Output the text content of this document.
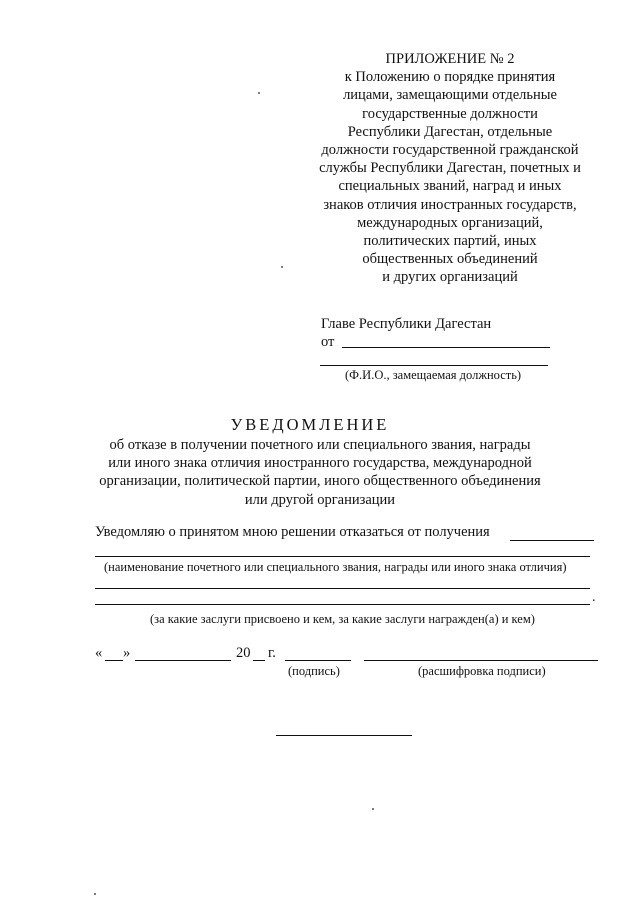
ПРИЛОЖЕНИЕ № 2
к Положению о порядке принятия
лицами, замещающими отдельные
государственные должности
Республики Дагестан, отдельные
должности государственной гражданской
службы Республики Дагестан, почетных и
специальных званий, наград и иных
знаков отличия иностранных государств,
международных организаций,
политических партий, иных
общественных объединений
и других организаций
Главе Республики Дагестан
от
(Ф.И.О., замещаемая должность)
УВЕДОМЛЕНИЕ
об отказе в получении почетного или специального звания, награды
или иного знака отличия иностранного государства, международной
организации, политической партии, иного общественного объединения
или другой организации
Уведомляю о принятом мною решении отказаться от получения
(наименование почетного или специального звания, награды или иного знака отличия)
.
(за какие заслуги присвоено и кем, за какие заслуги награжден(а) и кем)
« »	20 г.
(подпись)	(расшифровка подписи)
